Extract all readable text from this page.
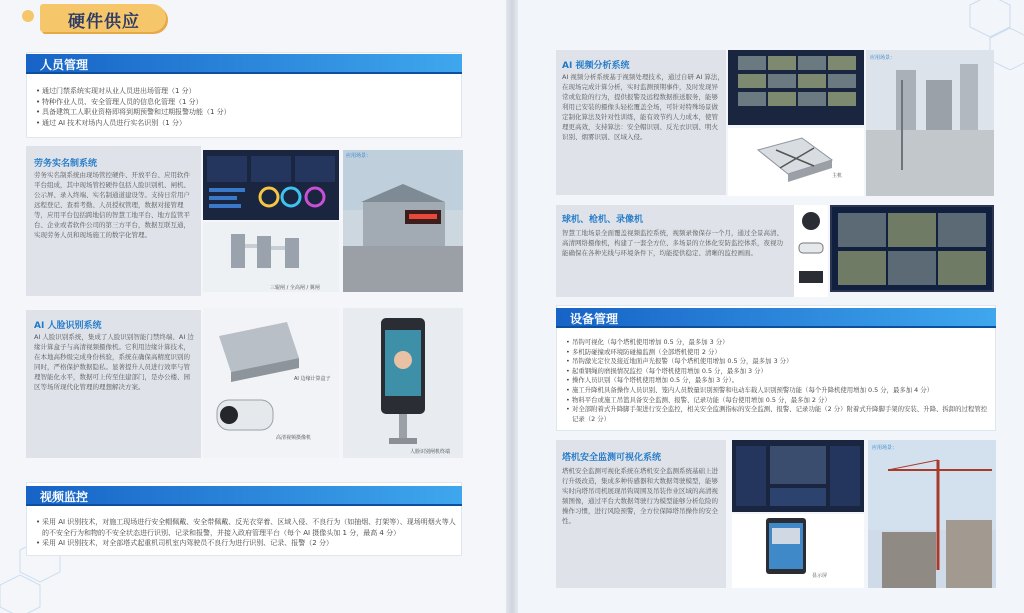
硬件供应
人员管理
• 通过门禁系统实现对从业人员进出场管理（1 分）
• 特种作业人员、安全管理人员的信息化管理（1 分）
• 具备建筑工人职业资格即将到期预警和过期报警功能（1 分）
• 通过 AI 技术对场内人员进行实名识别（1 分）
劳务实名制系统
劳务实名制系统由现场管控硬件、开放平台、应用软件平台组成，其中现场管控硬件包括人脸识别机、闸机、公示屏、录入终端、实名制通道建设等。支持日常用户远程登记、查看考勤、人员授权管理，数据对接管理等，应用平台包括跨地信的智慧工地平台、地方监管平台、企业或者软件公司的第三方平台，数据互联互通，实现劳务人员和现场施工的数字化管理。
三辊闸 / 全高闸 / 翼闸
应用场景：
AI 人脸识别系统
AI 人脸识别系统，集成了人脸识别智能门禁终端、AI 边缘计算盒子与高清视频摄像机。它利用边缘计算技术，在本地高秒级完成身份核验，系统在确保高精度识别的同时，严格保护数据隐私。显著提升人员进行效率与管理智能化水平，数据可上传至住建部门，是办公楼、园区等场所现代化管理的理想解决方案。
AI 边缘计算盒子
高清视频摄像机
人脸识别闸机终端
视频监控
• 采用 AI 识别技术，对施工现场进行安全帽佩戴、安全带佩戴、反光衣穿着、区域入侵、不良行为（如抽烟、打架等）、现场明烟火等人的不安全行为和物的不安全状态进行识别、记录和报警，并接入政府管理平台（每个 AI 摄像头加 1 分，最高 4 分）
• 采用 AI 识别技术，对全部塔式起重机司机室内驾驶员不良行为进行识别、记录、报警（2 分）
AI 视频分析系统
AI 视频分析系统基于视频处理技术，通过自研 AI 算法，在现场完成计算分析，实时监测预期事件，及时发现异常或危险的行为，提供报警及远程数据推送服务，能够利用已安装的摄像头轻松覆盖全场，可针对特殊场景做定制化算法及针对性训练，能有效节约人力成本，使管理更高效，支持算法：安全帽识别、反光衣识别、明火识别、烟雾识别、区域入侵。
主机
应用场景：
球机、枪机、录像机
智慧工地场景全面覆盖视频监控系统，视频录像保存一个月，通过全景高清、高清网络摄像机，构建了一套全方位、多场景的立体化安防监控体系，夜视功能确保在各种光线与环境条件下，均能提供稳定、清晰的监控画面。
设备管理
• 吊钩可视化（每个塔机使用增加 0.5 分，最多加 3 分）
• 多机防碰撞或环境防碰撞监测（全部塔机使用 2 分）
• 吊钩激光定位及接近地面声光报警（每个塔机使用增加 0.5 分，最多加 3 分）
• 起重钢绳的磨损情况监控（每个塔机使用增加 0.5 分，最多加 3 分）
• 操作人员识别（每个塔机使用增加 0.5 分，最多加 3 分）。
• 施工升降机具备操作人员识别、笼内人员数量识别预警和电动车载人识别预警功能（每个升降机使用增加 0.5 分，最多加 4 分）
• 物料平台或施工吊篮具备安全监测、报警、记录功能（每台使用增加 0.5 分，最多加 2 分）
• 对全部附着式升降脚手架进行安全监控，相关安全监测指标的安全监测、报警、记录功能（2 分）附着式升降脚手架的安装、升降、拆卸的过程管控记录（2 分）
塔机安全监测可视化系统
塔机安全监测可视化系统在塔机安全监测系统基础上进行升级改造，集成多种传感器和大数据驾驶模型，能够实时向塔吊司机展现吊钩周围及吊装作业区域的高清视频图像，通过平台大数据驾驶行为模型能够分析危险的操作习惯，进行风险预警，全方位保障塔吊操作的安全性。
显示屏
应用场景：
